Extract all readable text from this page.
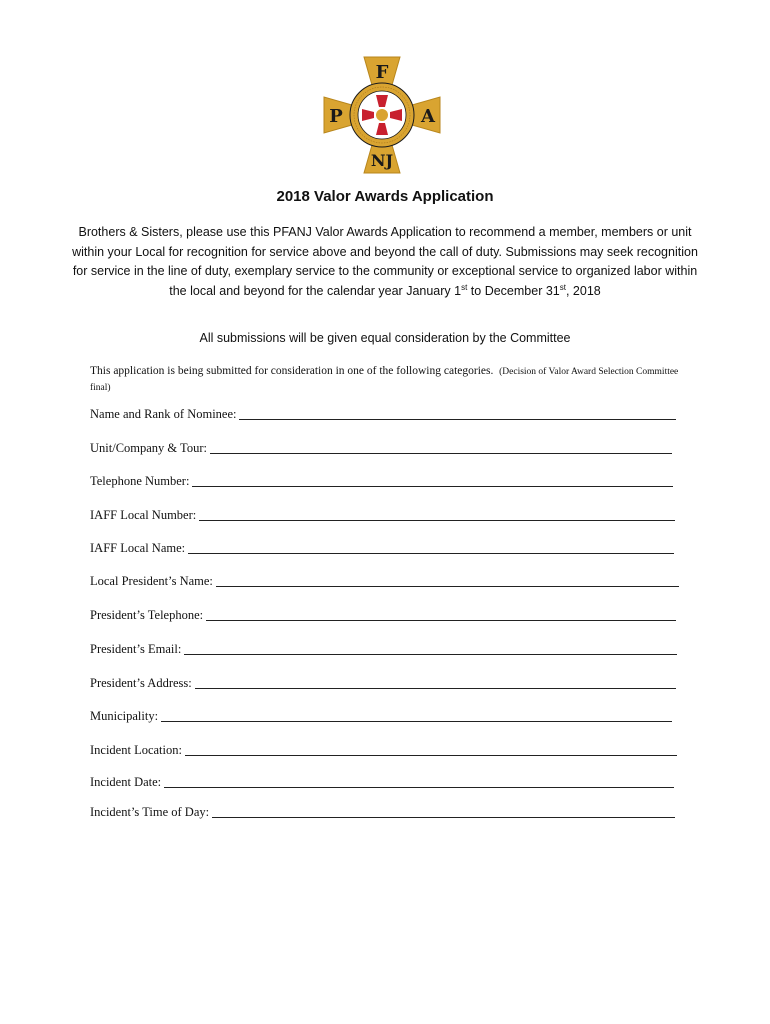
F
NJ
P	A
2018 Valor Awards Application

Brothers & Sisters, please use this PFANJ Valor Awards Application to recommend a member, members or unit within your Local for recognition for service above and beyond the call of duty. Submissions may seek recognition for service in the line of duty, exemplary service to the community or exceptional service to organized labor within the local and beyond for the calendar year January 1st to December 31st, 2018

All submissions will be given equal consideration by the Committee

This application is being submitted for consideration in one of the following categories. (Decision of Valor Award Selection Committee final)

Name and Rank of Nominee:
Unit/Company & Tour:
Telephone Number:
IAFF Local Number:
IAFF Local Name:
Local President’s Name:
President’s Telephone:
President’s Email:
President’s Address:
Municipality:
Incident Location:
Incident Date:
Incident’s Time of Day:
